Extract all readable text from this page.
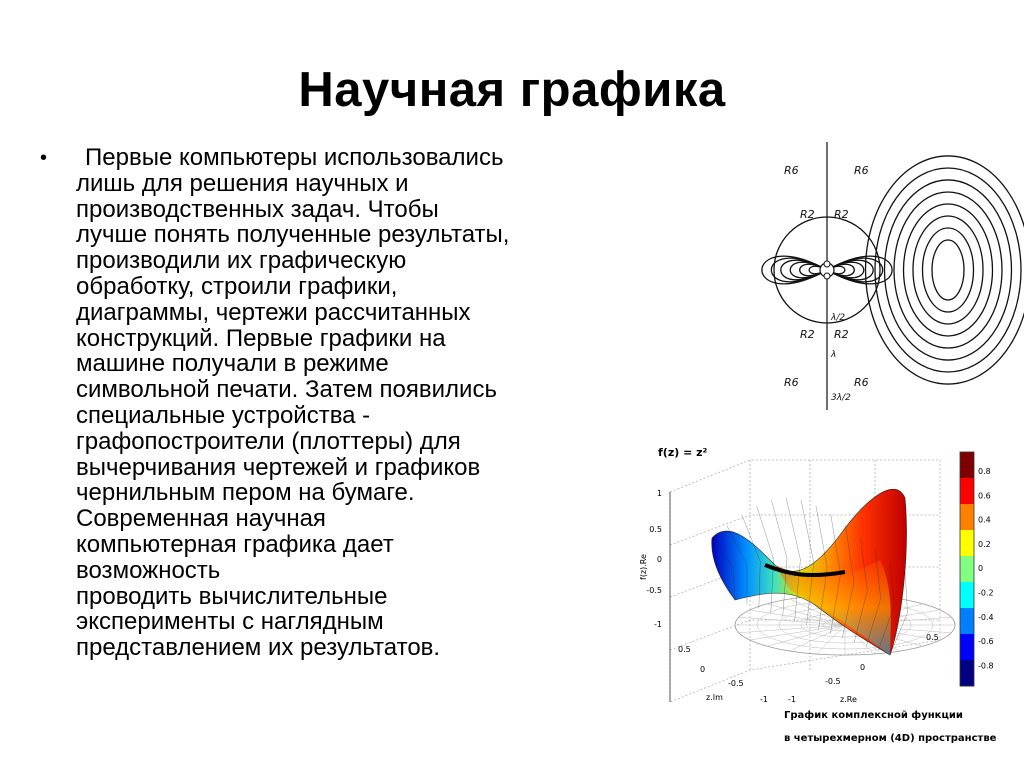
Научная графика
•	Первые компьютеры использовались
лишь для решения научных и
производственных задач. Чтобы
лучше понять полученные результаты,
производили их графическую
обработку, строили графики,
диаграммы, чертежи рассчитанных
конструкций. Первые графики на
машине получали в режиме
символьной печати. Затем появились
специальные устройства -
графопостроители (плоттеры) для
вычерчивания чертежей и графиков
чернильным пером на бумаге.
Современная научная
компьютерная графика дает
возможность
проводить вычислительные
эксперименты с наглядным
представлением их результатов.
R6	R6
R2 R2
R2 R2
R6	R6
λ/2
λ
3λ/2
f(z) = z²
f(z).Re
1
0.5
0
-0.5
-1
0.5
0
-0.5
-1
z.Im	-1
-0.5
0
0.5
z.Re
0.8
0.6
0.4
0.2
0
-0.2
-0.4
-0.6
-0.8
График комплексной функции
в четырехмерном (4D) пространстве
